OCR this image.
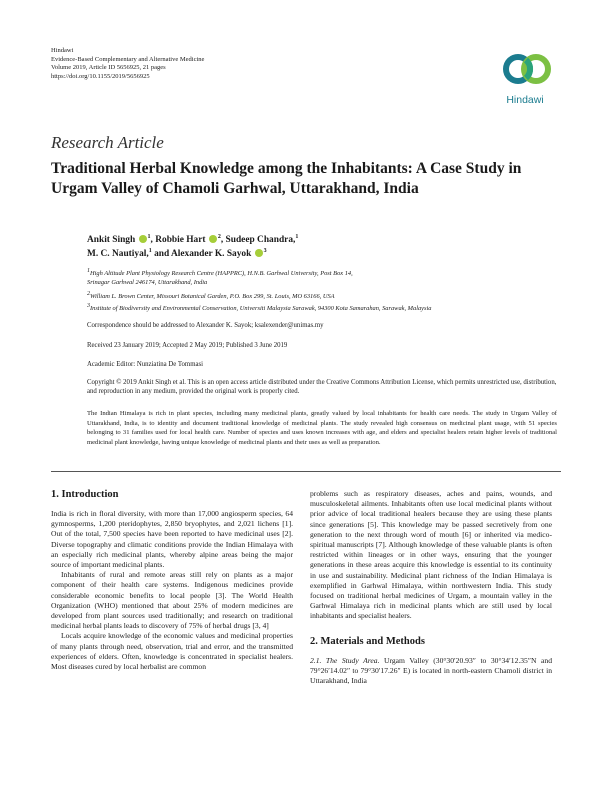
Hindawi
Evidence-Based Complementary and Alternative Medicine
Volume 2019, Article ID 5656925, 21 pages
https://doi.org/10.1155/2019/5656925
Hindawi
Research Article
Traditional Herbal Knowledge among the Inhabitants: A Case Study in Urgam Valley of Chamoli Garhwal, Uttarakhand, India
Ankit Singh $^1$, Robbie Hart $^2$, Sudeep Chandra,$^1$
M. C. Nautiyal,$^1$ and Alexander K. Sayok $^3$
$^1$High Altitude Plant Physiology Research Centre (HAPPRC), H.N.B. Garhwal University, Post Box 14,
Srinagar Garhwal 246174, Uttarakhand, India
$^2$William L. Brown Center, Missouri Botanical Garden, P.O. Box 299, St. Louis, MO 63166, USA
$^3$Institute of Biodiversity and Environmental Conservation, Universiti Malaysia Sarawak, 94300 Kota Samarahan, Sarawak, Malaysia
Correspondence should be addressed to Alexander K. Sayok; ksalexender@unimas.my
Received 23 January 2019; Accepted 2 May 2019; Published 3 June 2019
Academic Editor: Nunziatina De Tommasi
Copyright © 2019 Ankit Singh et al. This is an open access article distributed under the Creative Commons Attribution License, which permits unrestricted use, distribution, and reproduction in any medium, provided the original work is properly cited.
The Indian Himalaya is rich in plant species, including many medicinal plants, greatly valued by local inhabitants for health care needs. The study in Urgam Valley of Uttarakhand, India, is to identity and document traditional knowledge of medicinal plants. The study revealed high consensus on medicinal plant usage, with 51 species belonging to 31 families used for local health care. Number of species and uses known increases with age, and elders and specialist healers retain higher levels of traditional medicinal plant knowledge, having unique knowledge of medicinal plants and their uses as well as preparation.
1. Introduction

India is rich in floral diversity, with more than 17,000 angiosperm species, 64 gymnosperms, 1,200 pteridophytes, 2,850 bryophytes, and 2,021 lichens [1]. Out of the total, 7,500 species have been reported to have medicinal uses [2]. Diverse topography and climatic conditions provide the Indian Himalaya with an especially rich medicinal plants, whereby alpine areas being the major source of important medicinal plants.

Inhabitants of rural and remote areas still rely on plants as a major component of their health care systems. Indigenous medicines provide considerable economic benefits to local people [3]. The World Health Organization (WHO) mentioned that about 25% of modern medicines are developed from plant sources used traditionally; and research on traditional medicinal herbal plants leads to discovery of 75% of herbal drugs [3, 4]

Locals acquire knowledge of the economic values and medicinal properties of many plants through need, observation, trial and error, and the transmitted experiences of elders. Often, knowledge is concentrated in specialist healers. Most diseases cured by local herbalist are common

problems such as respiratory diseases, aches and pains, wounds, and musculoskeletal ailments. Inhabitants often use local medicinal plants without prior advice of local traditional healers because they are using these plants since generations [5]. This knowledge may be passed secretively from one generation to the next through word of mouth [6] or inherited via medico-spiritual manuscripts [7]. Although knowledge of these valuable plants is often restricted within lineages or in other ways, ensuring that the younger generations in these areas acquire this knowledge is essential to its continuity in use and sustainability. Medicinal plant richness of the Indian Himalaya is exemplified in Garhwal Himalaya, within northwestern India. This study focused on traditional herbal medicines of Urgam, a mountain valley in the Garhwal Himalaya rich in medicinal plants which are still used by local inhabitants and specialist healers.

2. Materials and Methods

2.1. The Study Area. Urgam Valley (30°30′20.93″ to 30°34′12.35″N and 79°26′14.02″ to 79°30′17.26″ E) is located in north-eastern Chamoli district in Uttarakhand, India
